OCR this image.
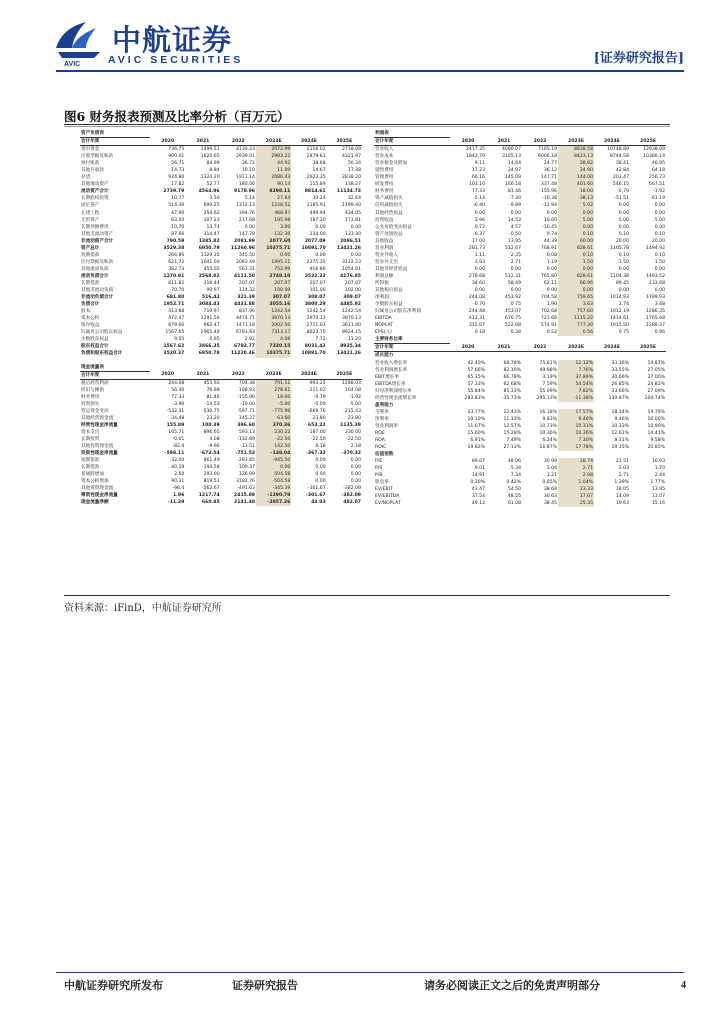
AVIC
中航证券
AVIC SECURITIES	[证券研究报告]
图6 财务报表预测及比率分析（百万元）
资产负债表						
会计年度	2020	2021	2022	2023E	2024E	2025E
货币资金	736.75	1499.51	4130.23	2072.99	2116.02	2718.09
应收票据及账款	900.01	1620.65	2939.01	2983.22	2879.81	4321.97
预付账款	56.71	84.99	36.72	44.92	38.68	50.34
其他应收款	14.73	8.84	10.10	11.00	14.67	17.38
存货	924.80	1324.20	1911.14	2086.43	2623.35	2838.20
其他流动资产	17.82	52.77	180.00	90.14	115.89	138.27
流动资产合计	2739.79	4564.96	9178.96	8298.11	8814.61	11134.73
长期股权投资	10.77	3.50	5.14	27.64	30.24	32.64
固定资产	514.30	690.25	1312.13	1228.52	1185.91	1199.40
在建工程	47.90	254.62	394.76	468.97	499.94	434.05
无形资产	83.50	107.23	217.68	195.98	187.20	173.81
长期待摊费用	10.70	13.74	0.00	3.00	0.00	0.00
其他非流动资产	87.66	314.47	147.78	132.30	134.00	133.30
非流动资产合计	790.59	1385.82	2081.99	2077.60	2077.09	2086.51
资产总计	3529.38	6950.79	11260.96	10375.71	10891.70	13421.26
短期借款	266.86	1129.35	345.50	0.00	0.00	0.00
应付票据及账款	621.72	1041.00	2083.49	1995.11	2375.35	3122.23
其他流动负债	382.73	455.02	561.31	752.99	916.86	1054.61
流动负债合计	1270.91	2568.02	4111.50	2748.10	3532.22	4176.85
长期借款	611.82	316.44	207.07	207.07	207.07	207.07
其他非流动负债	70.70	99.97	114.32	100.00	101.00	102.00
非流动负债合计	681.80	516.42	321.39	307.07	308.07	309.07
负债合计	1952.71	3084.43	4431.88	3055.16	3800.29	4485.92
股本	413.88	710.97	837.96	1242.54	1242.54	1242.54
资本公积	472.47	1291.56	4474.71	3970.13	3970.13	3970.13
留存收益	679.60	962.47	1471.18	2002.50	2711.03	3611.40
归属母公司股东权益	1567.65	2965.40	6783.83	7313.17	8023.70	8924.15
少数股东权益	9.05	0.95	2.92	4.06	7.72	11.20
股东权益合计	1567.62	2866.35	6793.77	7320.15	8031.42	8935.34
负债和股东权益合计	3520.37	6950.78	11220.46	10375.71	10891.70	13421.26
现金流量表						
会计年度	2020	2021	2022	2023E	2024E	2025E
税后经营利润	244.08	453.92	704.38	791.11	993.25	1288.03
折旧与摊销	56.30	76.98	108.93	278.61	211.02	164.08
财务费用	77.33	81.46	-155.96	18.00	-0.79	-1.92
投资损失	-3.96	-14.53	-10.60	-5.00	-5.00	-5.00
营运资金变动	-532.31	-530.75	-597.71	-775.96	-669.76	-215.43
其他经营现金流	34.48	23.20	145.27	63.60	23.80	23.80
经营性现金净流量	155.89	100.39	396.60	370.36	653.22	1135.39
资本支出	165.71	896.65	593.13	230.22	187.00	330.00
长期投资	-0.01	4.08	-132.89	-22.50	-22.50	-22.50
其他投资现金流	-82.4	-9.96	-13.51	142.50	8.18	2.18
投资性现金净流量	-598.11	-672.54	-751.53	-138.04	-367.32	-370.32
短期借款	-32.00	861.49	-283.85	-945.50	0.00	0.00
长期借款	40.19	-194.58	-109.37	0.00	0.00	0.00
普通股增加	2.50	293.00	126.99	504.58	0.00	0.00
资本公积增加	90.31	819.51	3182.76	-504.58	0.00	0.00
其他筹资现金流	-98.4	-562.67	-491.63	-345.39	-301.67	-382.09
筹资性现金净流量	1.96	1217.74	2415.89	-1290.79	-301.67	-382.09
现金流量净额	-11.29	660.85	2141.48	-2057.26	43.03	482.07
利润表						
会计年度	2020	2021	2022	2023E	2024E	2025E
营业收入	2417.35	4080.07	7165.19	8838.58	10748.89	12938.09
营业成本	1842.70	3165.13	6006.18	8423.13	8744.58	10380.14
营业税金及附加	9.11	14.64	24.77	28.82	38.41	46.95
销售费用	17.23	24.97	36.12	24.90	42.84	64.18
管理费用	66.16	145.09	147.71	144.00	203.47	256.73
研发费用	103.10	160.18	337.48	401.60	546.15	667.51
财务费用	77.33	81.46	-155.96	18.00	-0.79	-1.92
资产减值损失	-5.14	-7.30	-10.38	-38.13	-51.51	-61.19
信用减值损失	-6.40	-9.89	-11.94	5.02	0.00	0.00
其他经营损益	0.00	0.00	0.00	0.00	0.00	0.00
投资收益	3.96	14.53	10.60	5.00	5.00	5.00
公允价值变动损益	0.72	4.57	-10.45	0.00	0.00	0.00
资产处置收益	-0.37	-0.50	0.74	0.10	0.10	0.10
其他收益	17.00	13.95	44.39	60.00	20.00	20.00
营业利润	281.73	512.67	768.91	828.61	1105.78	1494.92
营业外收入	1.11	2.35	0.08	0.10	0.10	0.10
营业外支出	3.93	2.71	1.19	1.50	1.50	1.50
其他非经营损益	0.00	0.00	0.00	0.00	0.00	0.00
利润总额	278.68	512.31	765.80	828.61	1104.38	1493.52
所得税	34.60	58.49	62.11	66.96	89.45	133.68
其他税后损益	0.00	0.00	0.00	0.00	0.00	0.00
净利润	244.08	453.92	704.58	759.65	1014.93	1789.93
少数股东损益	-0.70	0.75	1.90	3.63	2.74	3.48
归属母公司股东净利润	244.48	453.07	702.68	757.60	1012.19	1286.35
EBITDA	412.31	670.75	721.66	1115.22	1414.61	1765.68
NOPLAT	315.07	522.08	574.91	777.30	1015.50	1289.37
EPS(元)	0.18	0.34	0.52	0.56	0.75	0.96
主要财务比率						
会计年度	2020	2021	2022	2023E	2024E	2025E
成长能力						
营业收入增长率	42.40%	68.78%	75.61%	12.12%	33.36%	19.87%
营业利润增长率	57.66%	82.10%	49.98%	7.76%	33.55%	27.05%
EBIT增长率	65.35%	66.78%	3.19%	37.89%	30.66%	27.00%
EBITDA增长率	57.33%	62.68%	7.59%	54.54%	26.85%	24.82%
归母净利润增长率	55.84%	85.33%	55.09%	7.82%	33.66%	27.09%
经营性现金流增长率	283.83%	-35.73%	295.13%	-11.38%	139.87%	104.74%
盈利能力						
毛利率	23.77%	22.43%	16.18%	17.57%	18.34%	19.79%
净利率	10.10%	11.13%	9.83%	9.46%	9.46%	10.00%
营业利润率	11.67%	12.57%	10.73%	10.31%	10.33%	10.90%
ROE	15.60%	15.28%	10.36%	10.36%	12.61%	14.41%
ROA	6.91%	7.49%	6.24%	7.30%	8.31%	9.58%
ROIC	19.82%	27.13%	16.87%	17.78%	19.35%	20.85%
估值倍数						
P/E	89.07	48.06	30.99	28.74	21.51	16.93
P/S	9.01	5.34	3.04	2.71	2.03	1.70
P/B	14.91	7.34	3.21	2.98	2.71	2.44
股息率	0.30%	0.42%	0.65%	1.04%	1.39%	1.77%
EV/EBIT	43.47	54.50	38.68	23.33	18.05	13.95
EV/EBITDA	37.54	48.55	30.63	17.67	14.09	11.07
EV/NOPLAT	49.12	61.08	38.45	25.35	19.63	15.16
资料来源：iFinD，中航证券研究所
中航证券研究所发布	证券研究报告	请务必阅读正文之后的免责声明部分	4
